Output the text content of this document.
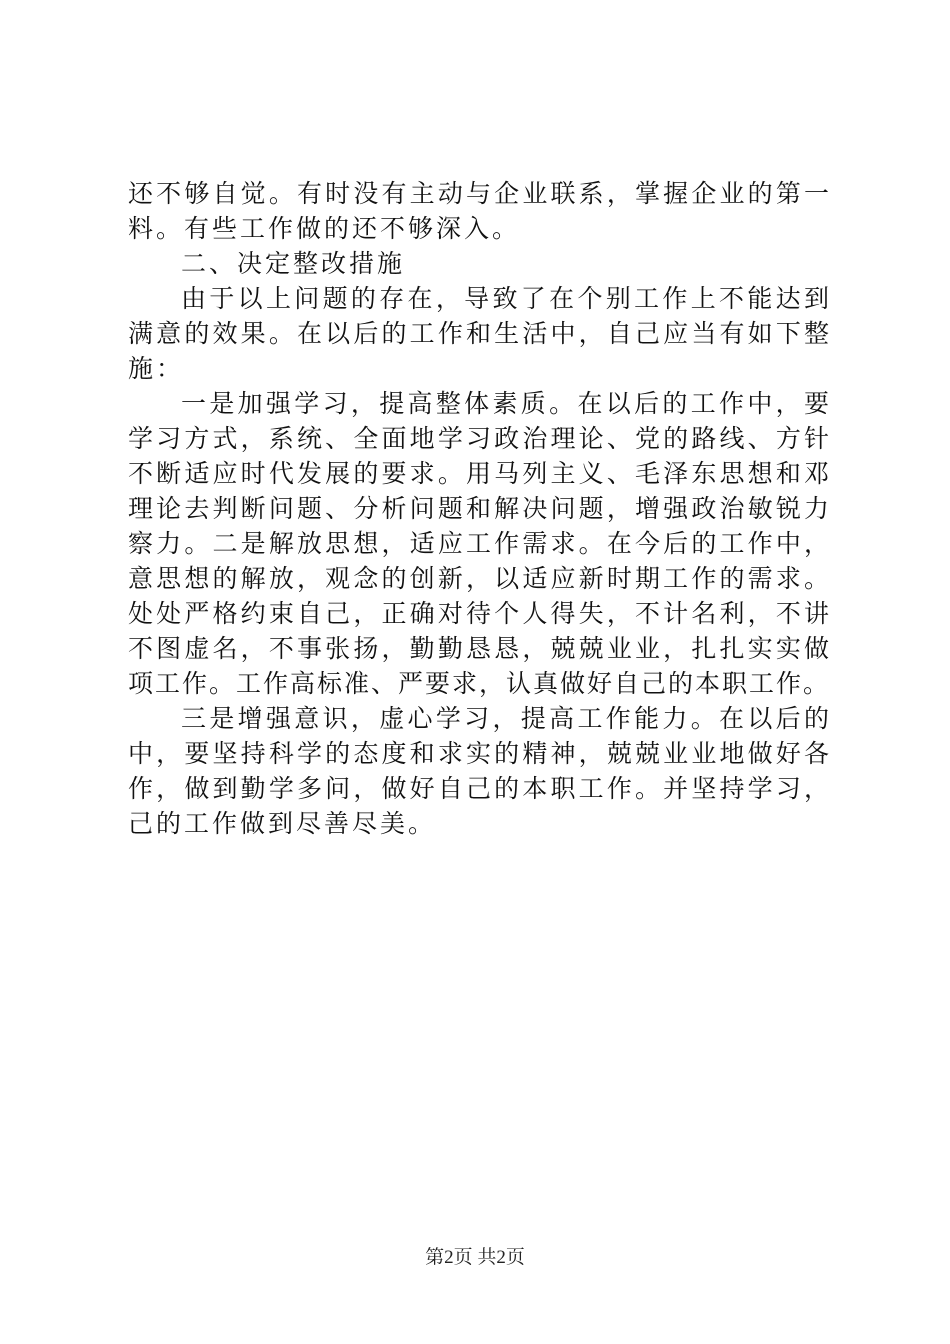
还不够自觉。有时没有主动与企业联系，掌握企业的第一
料。有些工作做的还不够深入。
二、决定整改措施
由于以上问题的存在，导致了在个别工作上不能达到
满意的效果。在以后的工作和生活中，自己应当有如下整
施：
一是加强学习，提高整体素质。在以后的工作中，要
学习方式，系统、全面地学习政治理论、党的路线、方针
不断适应时代发展的要求。用马列主义、毛泽东思想和邓
理论去判断问题、分析问题和解决问题，增强政治敏锐力
察力。二是解放思想，适应工作需求。在今后的工作中，
意思想的解放，观念的创新，以适应新时期工作的需求。
处处严格约束自己，正确对待个人得失，不计名利，不讲
不图虚名，不事张扬，勤勤恳恳，兢兢业业，扎扎实实做
项工作。工作高标准、严要求，认真做好自己的本职工作。
三是增强意识，虚心学习，提高工作能力。在以后的
中，要坚持科学的态度和求实的精神，兢兢业业地做好各
作，做到勤学多问，做好自己的本职工作。并坚持学习，
己的工作做到尽善尽美。
第2页 共2页
